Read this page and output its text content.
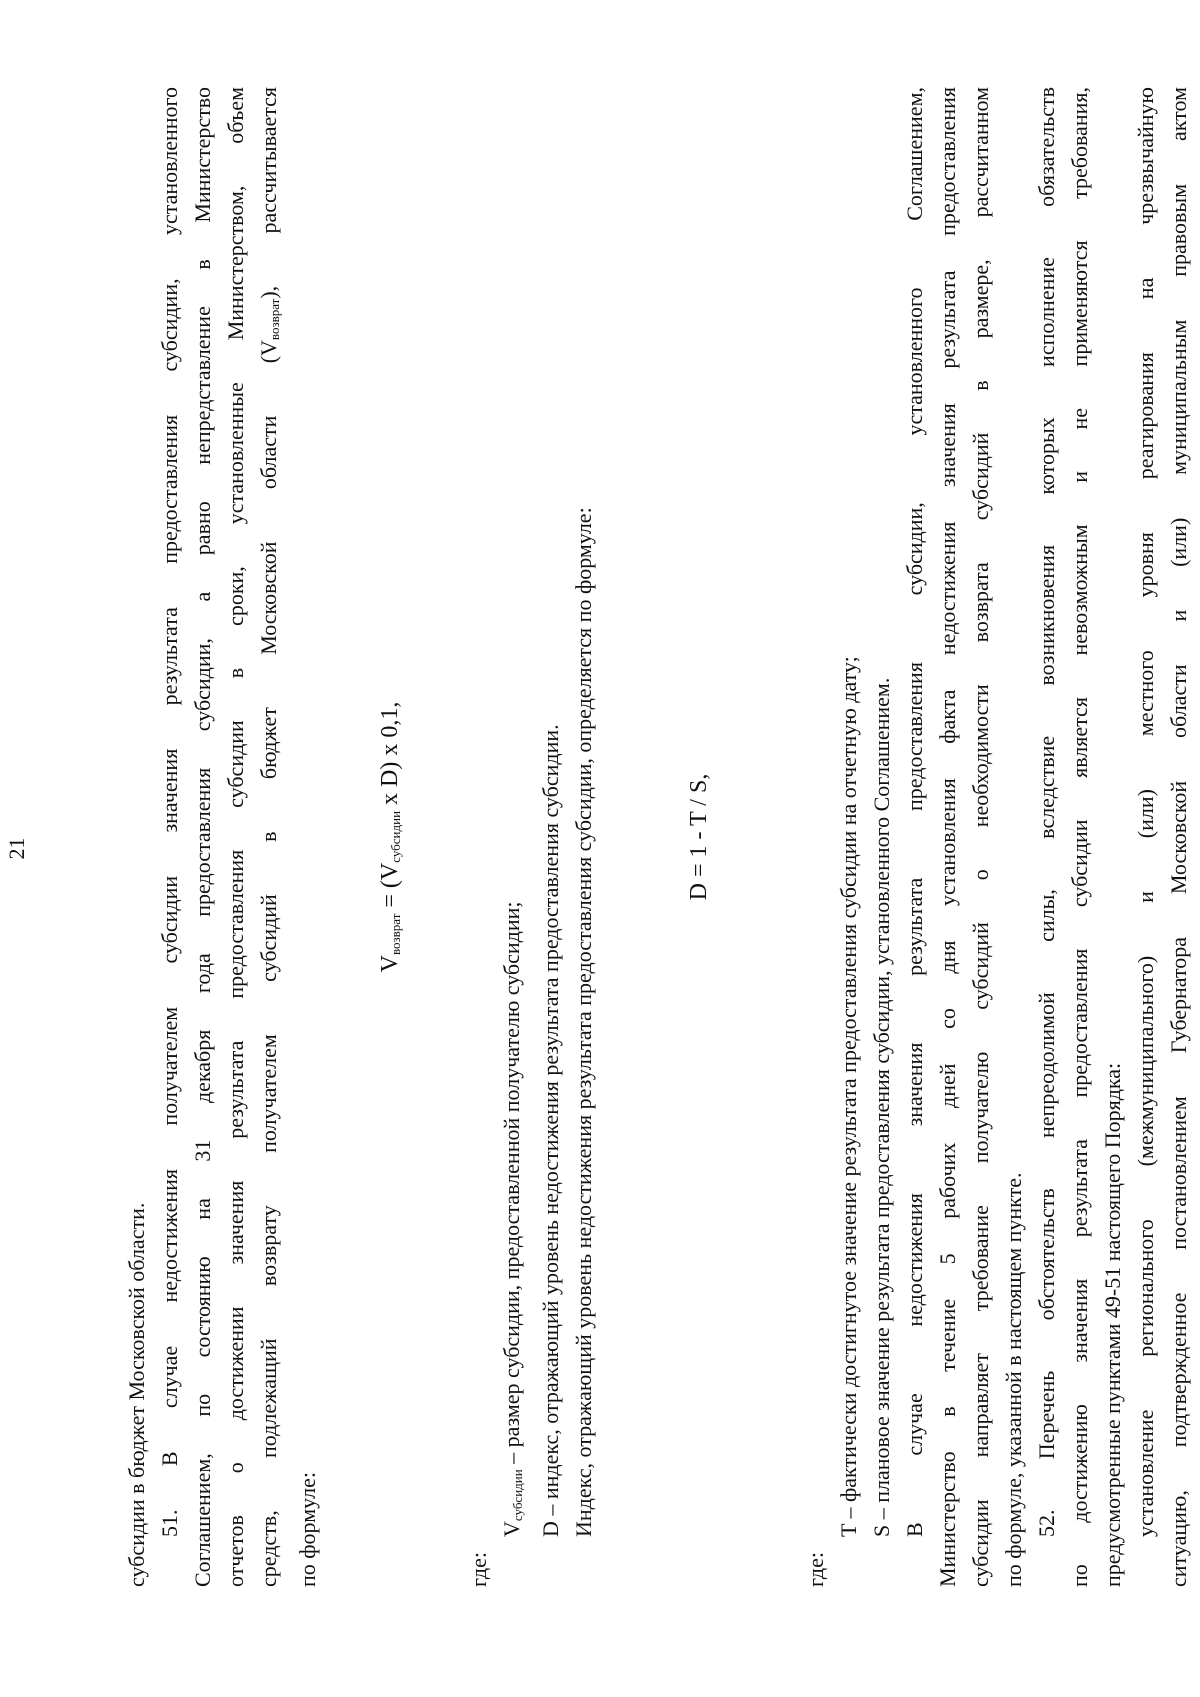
21

субсидии в бюджет Московской области. 51. В случае недостижения получателем субсидии значения результата предоставления субсидии, установленного Соглашением, по состоянию на 31 декабря года предоставления субсидии, а равно непредставление в Министерство отчетов о достижении значения результата предоставления субсидии в сроки, установленные Министерством, объем средств, подлежащий возврату получателем субсидий в бюджет Московской области $(V_{возврат})$, рассчитывается

по формуле:

$V_{возврат} = (V_{субсидии}$ x D) x 0,1,

где:

$V_{субсидии}$ – размер субсидии, предоставленной получателю субсидии; D – индекс, отражающий уровень недостижения результата предоставления субсидии. Индекс, отражающий уровень недостижения результата предоставления субсидии, определяется по формуле:	D = 1 - T / S,

где:

T – фактически достигнутое значение результата предоставления субсидии на отчетную дату; S – плановое значение результата предоставления субсидии, установленного Соглашением. В случае недостижения значения результата предоставления субсидии, установленного Соглашением, Министерство в течение 5 рабочих дней со дня установления факта недостижения значения результата предоставления субсидии направляет требование получателю субсидий о необходимости возврата субсидий в размере, рассчитанном по формуле, указанной в настоящем пункте. 52. Перечень обстоятельств непреодолимой силы, вследствие возникновения которых исполнение обязательств по достижению значения результата предоставления субсидии является невозможным и не применяются требования, предусмотренные пунктами 49-51 настоящего Порядка: установление регионального (межмуниципального) и (или) местного уровня реагирования на чрезвычайную ситуацию, подтвержденное постановлением Губернатора Московской области и (или) муниципальным правовым актом
